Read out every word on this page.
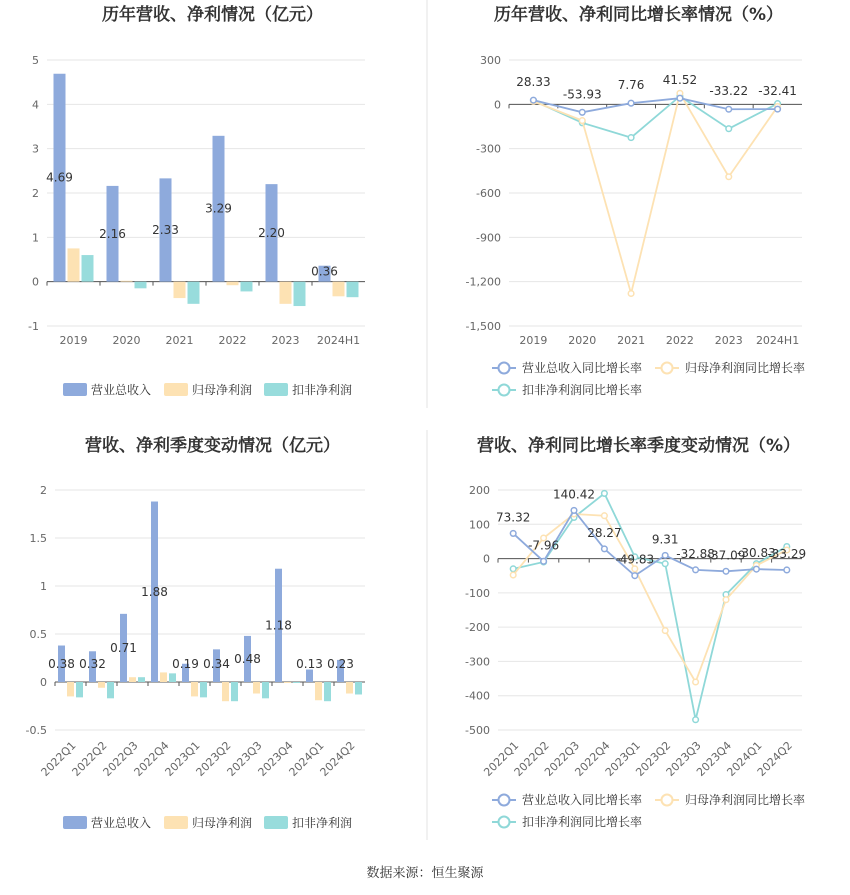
历年营收、净利情况（亿元）
-1
0
1
2
3
4
5
2019 2020 2021 2022 2023 2024H1
4.69
2.16 2.33
3.29
2.20
0.36
营业总收入	归母净利润	扣非净利润
历年营收、净利同比增长率情况（%）
300
0
-300
-600
-900
-1,200
-1,500
2019 2020 2021 2022 2023 2024H1
28.33
-53.93
7.76 41.52
-33.22 -32.41
营业总收入同比增长率	归母净利润同比增长率
扣非净利润同比增长率
营收、净利季度变动情况（亿元）
-0.5
0
0.5
1
1.5
2
2022Q1
2022Q2
2022Q3
2022Q4
2023Q1
2023Q2
2023Q3
2023Q4
2024Q1
2024Q2
0.38 0.32
0.71
1.88
0.19 0.34 0.48
1.18
0.13 0.23
营业总收入	归母净利润	扣非净利润
营收、净利同比增长率季度变动情况（%）
200
100
0
-100
-200
-300
-400
-500
2022Q1
2022Q2
2022Q3
2022Q4
2023Q1
2023Q2
2023Q3
2023Q4
2024Q1
2024Q2
73.32
-7.96
140.42
28.27
-49.83
9.31
-32.88
-37.09
-30.83
-33.29
营业总收入同比增长率	归母净利润同比增长率
扣非净利润同比增长率
数据来源：恒生聚源
